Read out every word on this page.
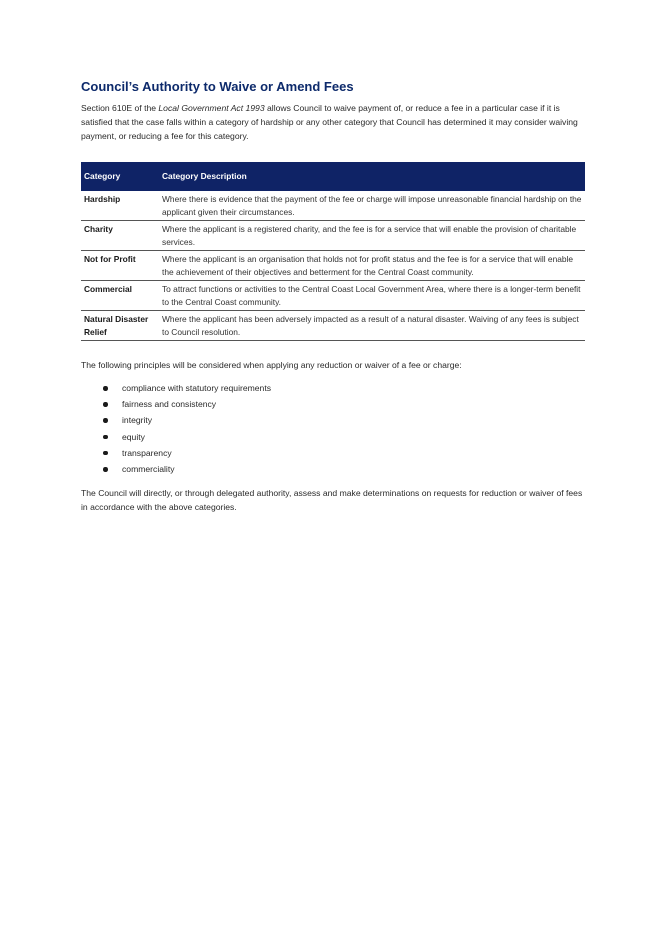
Council’s Authority to Waive or Amend Fees

Section 610E of the Local Government Act 1993 allows Council to waive payment of, or reduce a fee in a particular case if it is satisfied that the case falls within a category of hardship or any other category that Council has determined it may consider waiving payment, or reducing a fee for this category.

Category	Category Description
Hardship	Where there is evidence that the payment of the fee or charge will impose unreasonable financial hardship on the applicant given their circumstances.
Charity	Where the applicant is a registered charity, and the fee is for a service that will enable the provision of charitable services.
Not for Profit	Where the applicant is an organisation that holds not for profit status and the fee is for a service that will enable the achievement of their objectives and betterment for the Central Coast community.
Commercial	To attract functions or activities to the Central Coast Local Government Area, where there is a longer-term benefit to the Central Coast community.
Natural Disaster Relief	Where the applicant has been adversely impacted as a result of a natural disaster. Waiving of any fees is subject to Council resolution.

The following principles will be considered when applying any reduction or waiver of a fee or charge:

compliance with statutory requirements
fairness and consistency
integrity
equity
transparency
commerciality

The Council will directly, or through delegated authority, assess and make determinations on requests for reduction or waiver of fees in accordance with the above categories.
